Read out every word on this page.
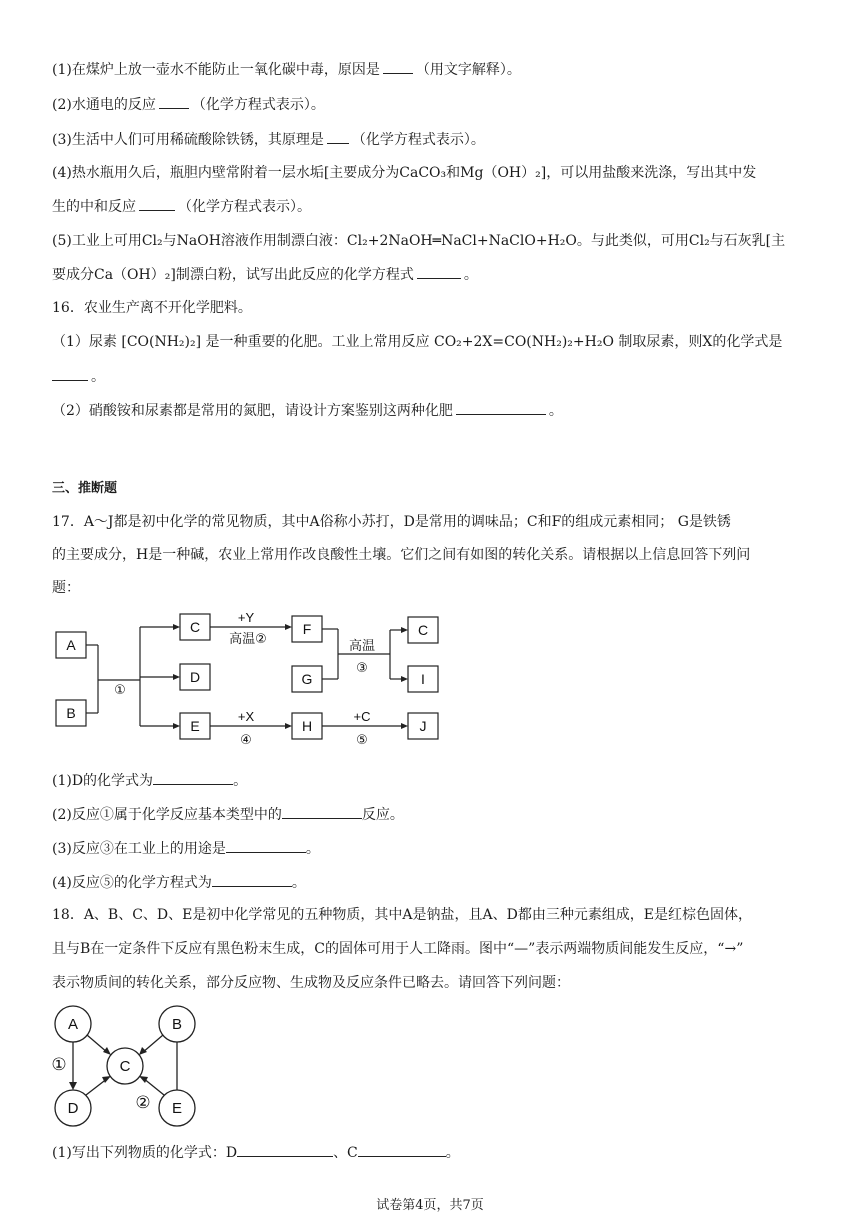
(1)在煤炉上放一壶水不能防止一氧化碳中毒，原因是	（用文字解释）。
(2)水通电的反应	（化学方程式表示）。
(3)生活中人们可用稀硫酸除铁锈，其原理是 （化学方程式表示）。
(4)热水瓶用久后，瓶胆内壁常附着一层水垢[主要成分为CaCO₃和Mg（OH）₂]，可以用盐酸来洗涤，写出其中发
生的中和反应	（化学方程式表示）。
(5)工业上可用Cl₂与NaOH溶液作用制漂白液：Cl₂+2NaOH═NaCl+NaClO+H₂O。与此类似，可用Cl₂与石灰乳[主
要成分Ca（OH）₂]制漂白粉，试写出此反应的化学方程式	。
16．农业生产离不开化学肥料。
（1）尿素 [CO(NH₂)₂] 是一种重要的化肥。工业上常用反应 CO₂+2X=CO(NH₂)₂+H₂O 制取尿素，则X的化学式是
。
（2）硝酸铵和尿素都是常用的氮肥，请设计方案鉴别这两种化肥	。
三、推断题
17．A～J都是初中化学的常见物质，其中A俗称小苏打，D是常用的调味品；C和F的组成元素相同； G是铁锈
的主要成分，H是一种碱，农业上常用作改良酸性土壤。它们之间有如图的转化关系。请根据以上信息回答下列问
题：
A
B
C
D
E
F
G
H
C
I
J
+Y
高温②	高温
③
①
+X
④
+C
⑤
(1)D的化学式为	。
(2)反应①属于化学反应基本类型中的	反应。
(3)反应③在工业上的用途是	。
(4)反应⑤的化学方程式为	。
18．A、B、C、D、E是初中化学常见的五种物质，其中A是钠盐，且A、D都由三种元素组成，E是红棕色固体，
且与B在一定条件下反应有黑色粉末生成，C的固体可用于人工降雨。图中“—”表示两端物质间能发生反应，“→”
表示物质间的转化关系，部分反应物、生成物及反应条件已略去。请回答下列问题：
A	B
C
D	E
①
②
(1)写出下列物质的化学式：D	、C	。
试卷第4页，共7页
